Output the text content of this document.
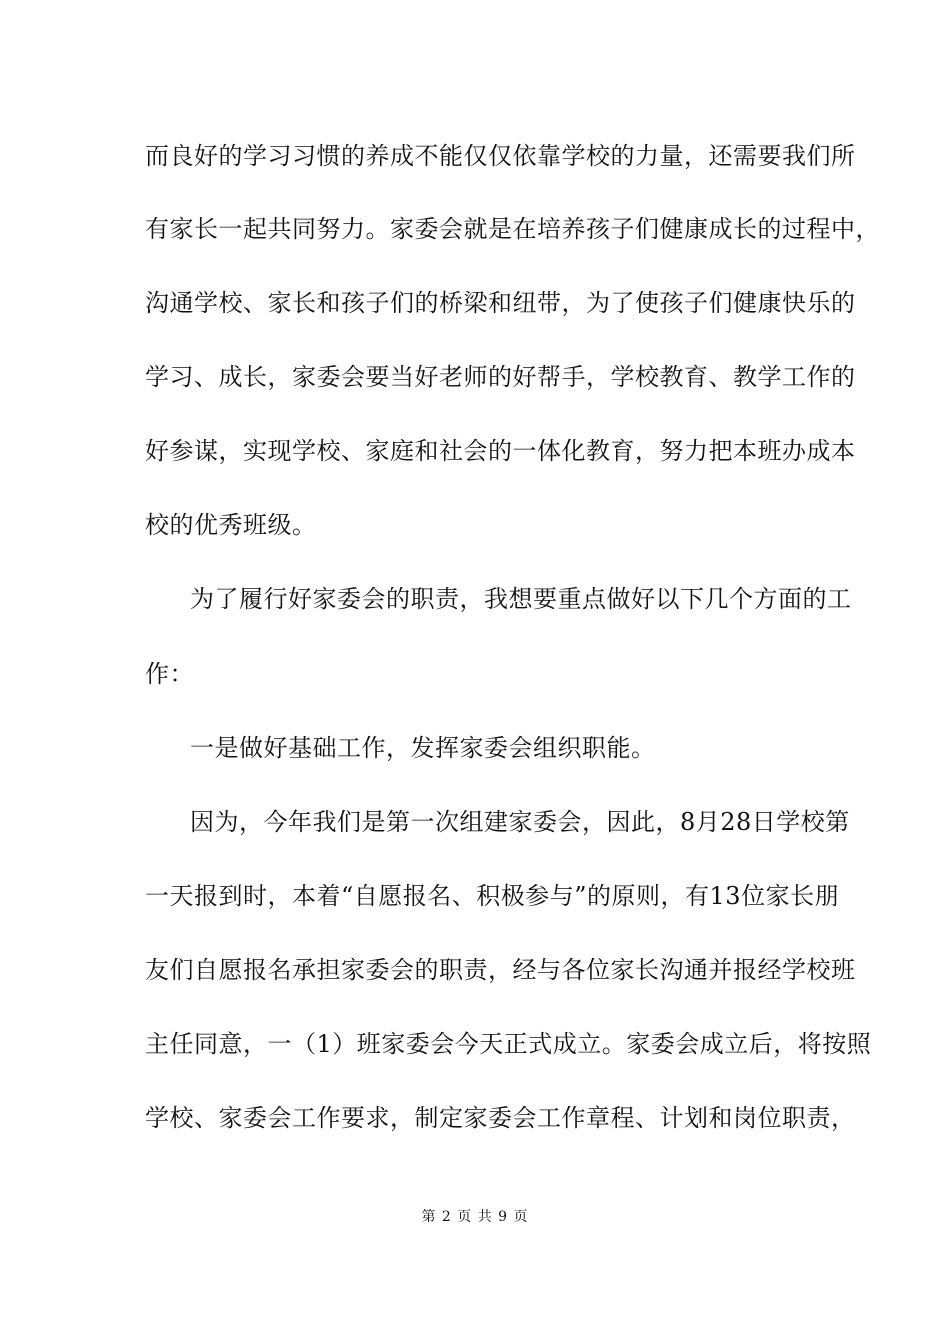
而良好的学习习惯的养成不能仅仅依靠学校的力量，还需要我们所
有家长一起共同努力。家委会就是在培养孩子们健康成长的过程中，
沟通学校、家长和孩子们的桥梁和纽带，为了使孩子们健康快乐的
学习、成长，家委会要当好老师的好帮手，学校教育、教学工作的
好参谋，实现学校、家庭和社会的一体化教育，努力把本班办成本
校的优秀班级。
为了履行好家委会的职责，我想要重点做好以下几个方面的工
作：
一是做好基础工作，发挥家委会组织职能。
因为，今年我们是第一次组建家委会，因此，8月28日学校第
一天报到时，本着“自愿报名、积极参与”的原则，有13位家长朋
友们自愿报名承担家委会的职责，经与各位家长沟通并报经学校班
主任同意，一（1）班家委会今天正式成立。家委会成立后，将按照
学校、家委会工作要求，制定家委会工作章程、计划和岗位职责，
第 2 页 共 9 页
